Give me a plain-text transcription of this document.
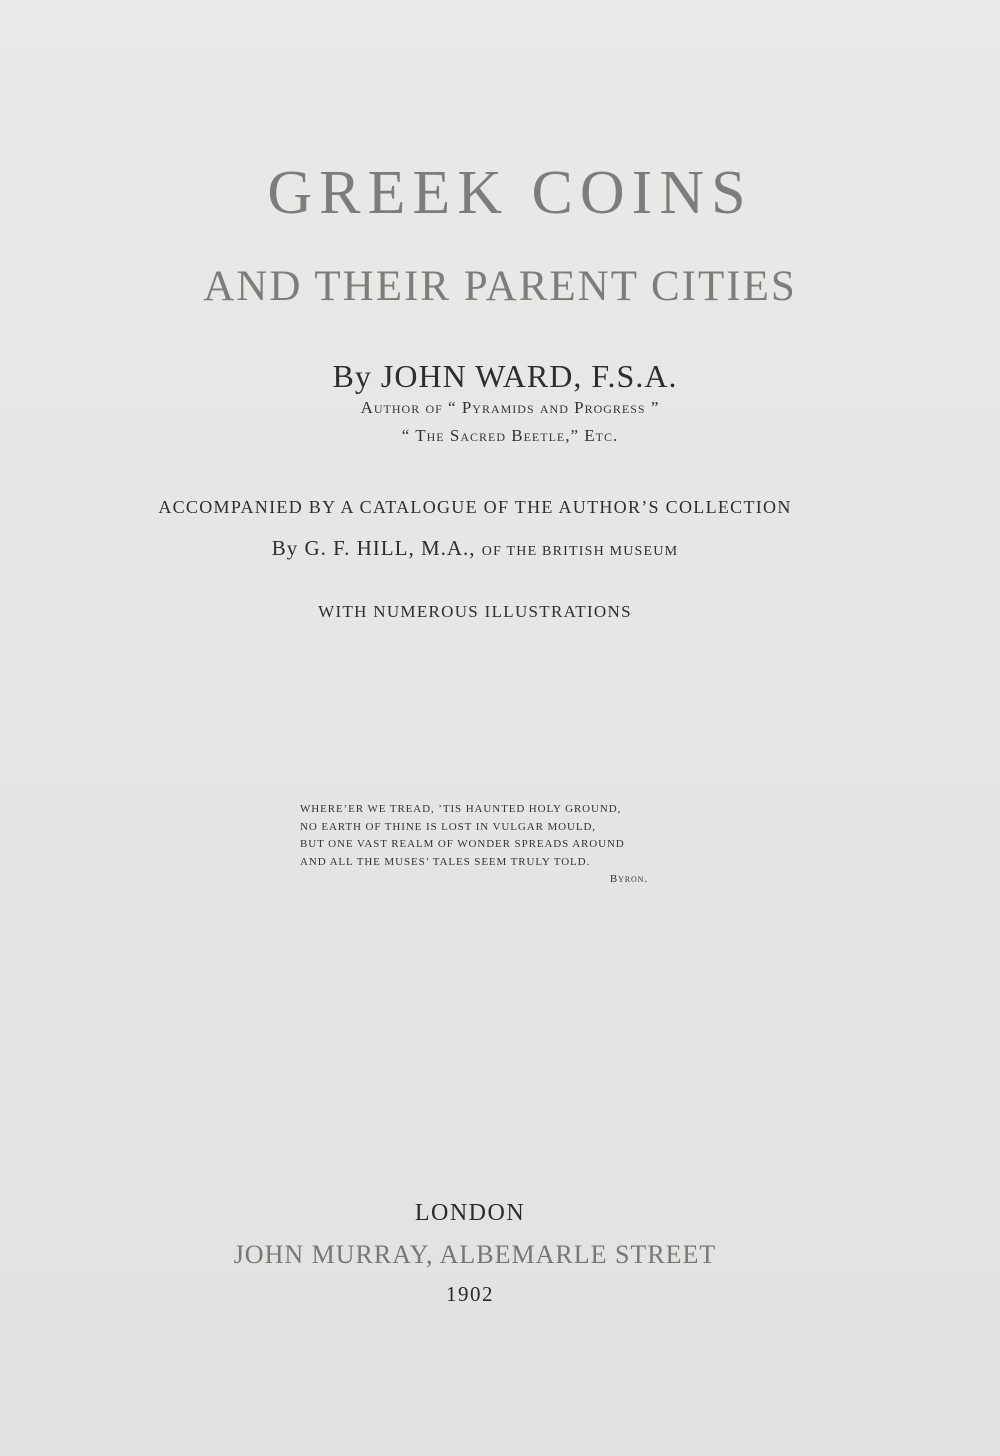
GREEK COINS
AND THEIR PARENT CITIES
By JOHN WARD, F.S.A.
Author of “ Pyramids and Progress ”
“ The Sacred Beetle,” Etc.
ACCOMPANIED BY A CATALOGUE OF THE AUTHOR’S COLLECTION
By G. F. HILL, M.A., OF THE BRITISH MUSEUM
WITH NUMEROUS ILLUSTRATIONS
WHERE’ER WE TREAD, ’TIS HAUNTED HOLY GROUND,
NO EARTH OF THINE IS LOST IN VULGAR MOULD,
BUT ONE VAST REALM OF WONDER SPREADS AROUND
AND ALL THE MUSES’ TALES SEEM TRULY TOLD.
Byron.
LONDON
JOHN MURRAY, ALBEMARLE STREET
1902
